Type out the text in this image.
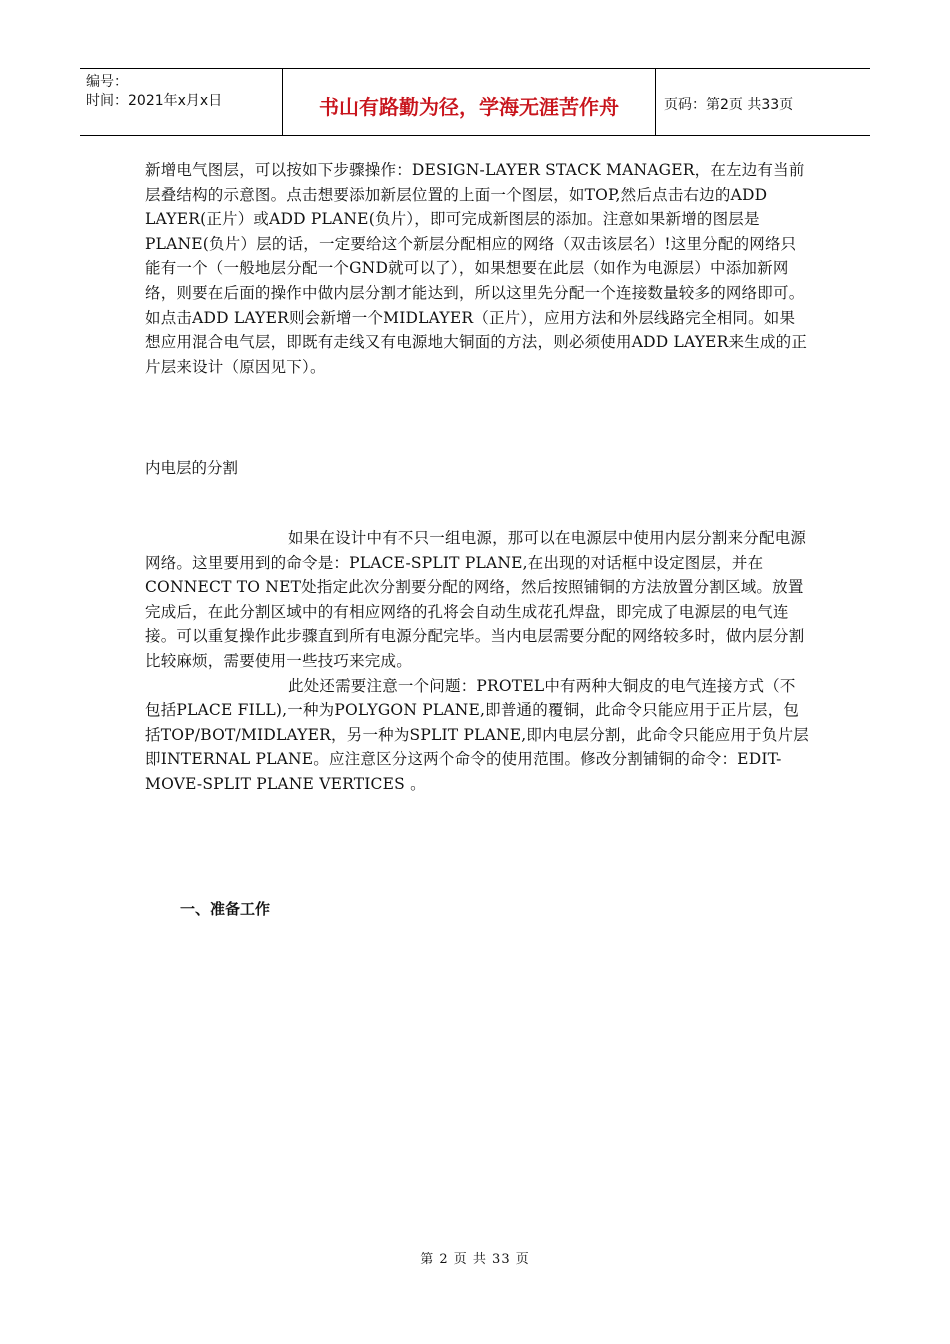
编号：
时间：2021年x月x日	书山有路勤为径，学海无涯苦作舟	页码：第2页 共33页

新增电气图层，可以按如下步骤操作：DESIGN-LAYER STACK MANAGER，在左边有当前层叠结构的示意图。点击想要添加新层位置的上面一个图层，如TOP,然后点击右边的ADD LAYER(正片）或ADD PLANE(负片），即可完成新图层的添加。注意如果新增的图层是PLANE(负片）层的话，一定要给这个新层分配相应的网络（双击该层名）!这里分配的网络只能有一个（一般地层分配一个GND就可以了），如果想要在此层（如作为电源层）中添加新网络，则要在后面的操作中做内层分割才能达到，所以这里先分配一个连接数量较多的网络即可。如点击ADD LAYER则会新增一个MIDLAYER（正片），应用方法和外层线路完全相同。如果想应用混合电气层，即既有走线又有电源地大铜面的方法，则必须使用ADD LAYER来生成的正片层来设计（原因见下）。

内电层的分割

如果在设计中有不只一组电源，那可以在电源层中使用内层分割来分配电源网络。这里要用到的命令是：PLACE-SPLIT PLANE,在出现的对话框中设定图层，并在CONNECT TO NET处指定此次分割要分配的网络，然后按照铺铜的方法放置分割区域。放置完成后，在此分割区域中的有相应网络的孔将会自动生成花孔焊盘，即完成了电源层的电气连接。可以重复操作此步骤直到所有电源分配完毕。当内电层需要分配的网络较多时，做内层分割比较麻烦，需要使用一些技巧来完成。

此处还需要注意一个问题：PROTEL中有两种大铜皮的电气连接方式（不包括PLACE FILL),一种为POLYGON PLANE,即普通的覆铜，此命令只能应用于正片层，包括TOP/BOT/MIDLAYER，另一种为SPLIT PLANE,即内电层分割，此命令只能应用于负片层即INTERNAL PLANE。应注意区分这两个命令的使用范围。修改分割铺铜的命令：EDIT-MOVE-SPLIT PLANE VERTICES 。

一、准备工作

第 2 页 共 33 页
